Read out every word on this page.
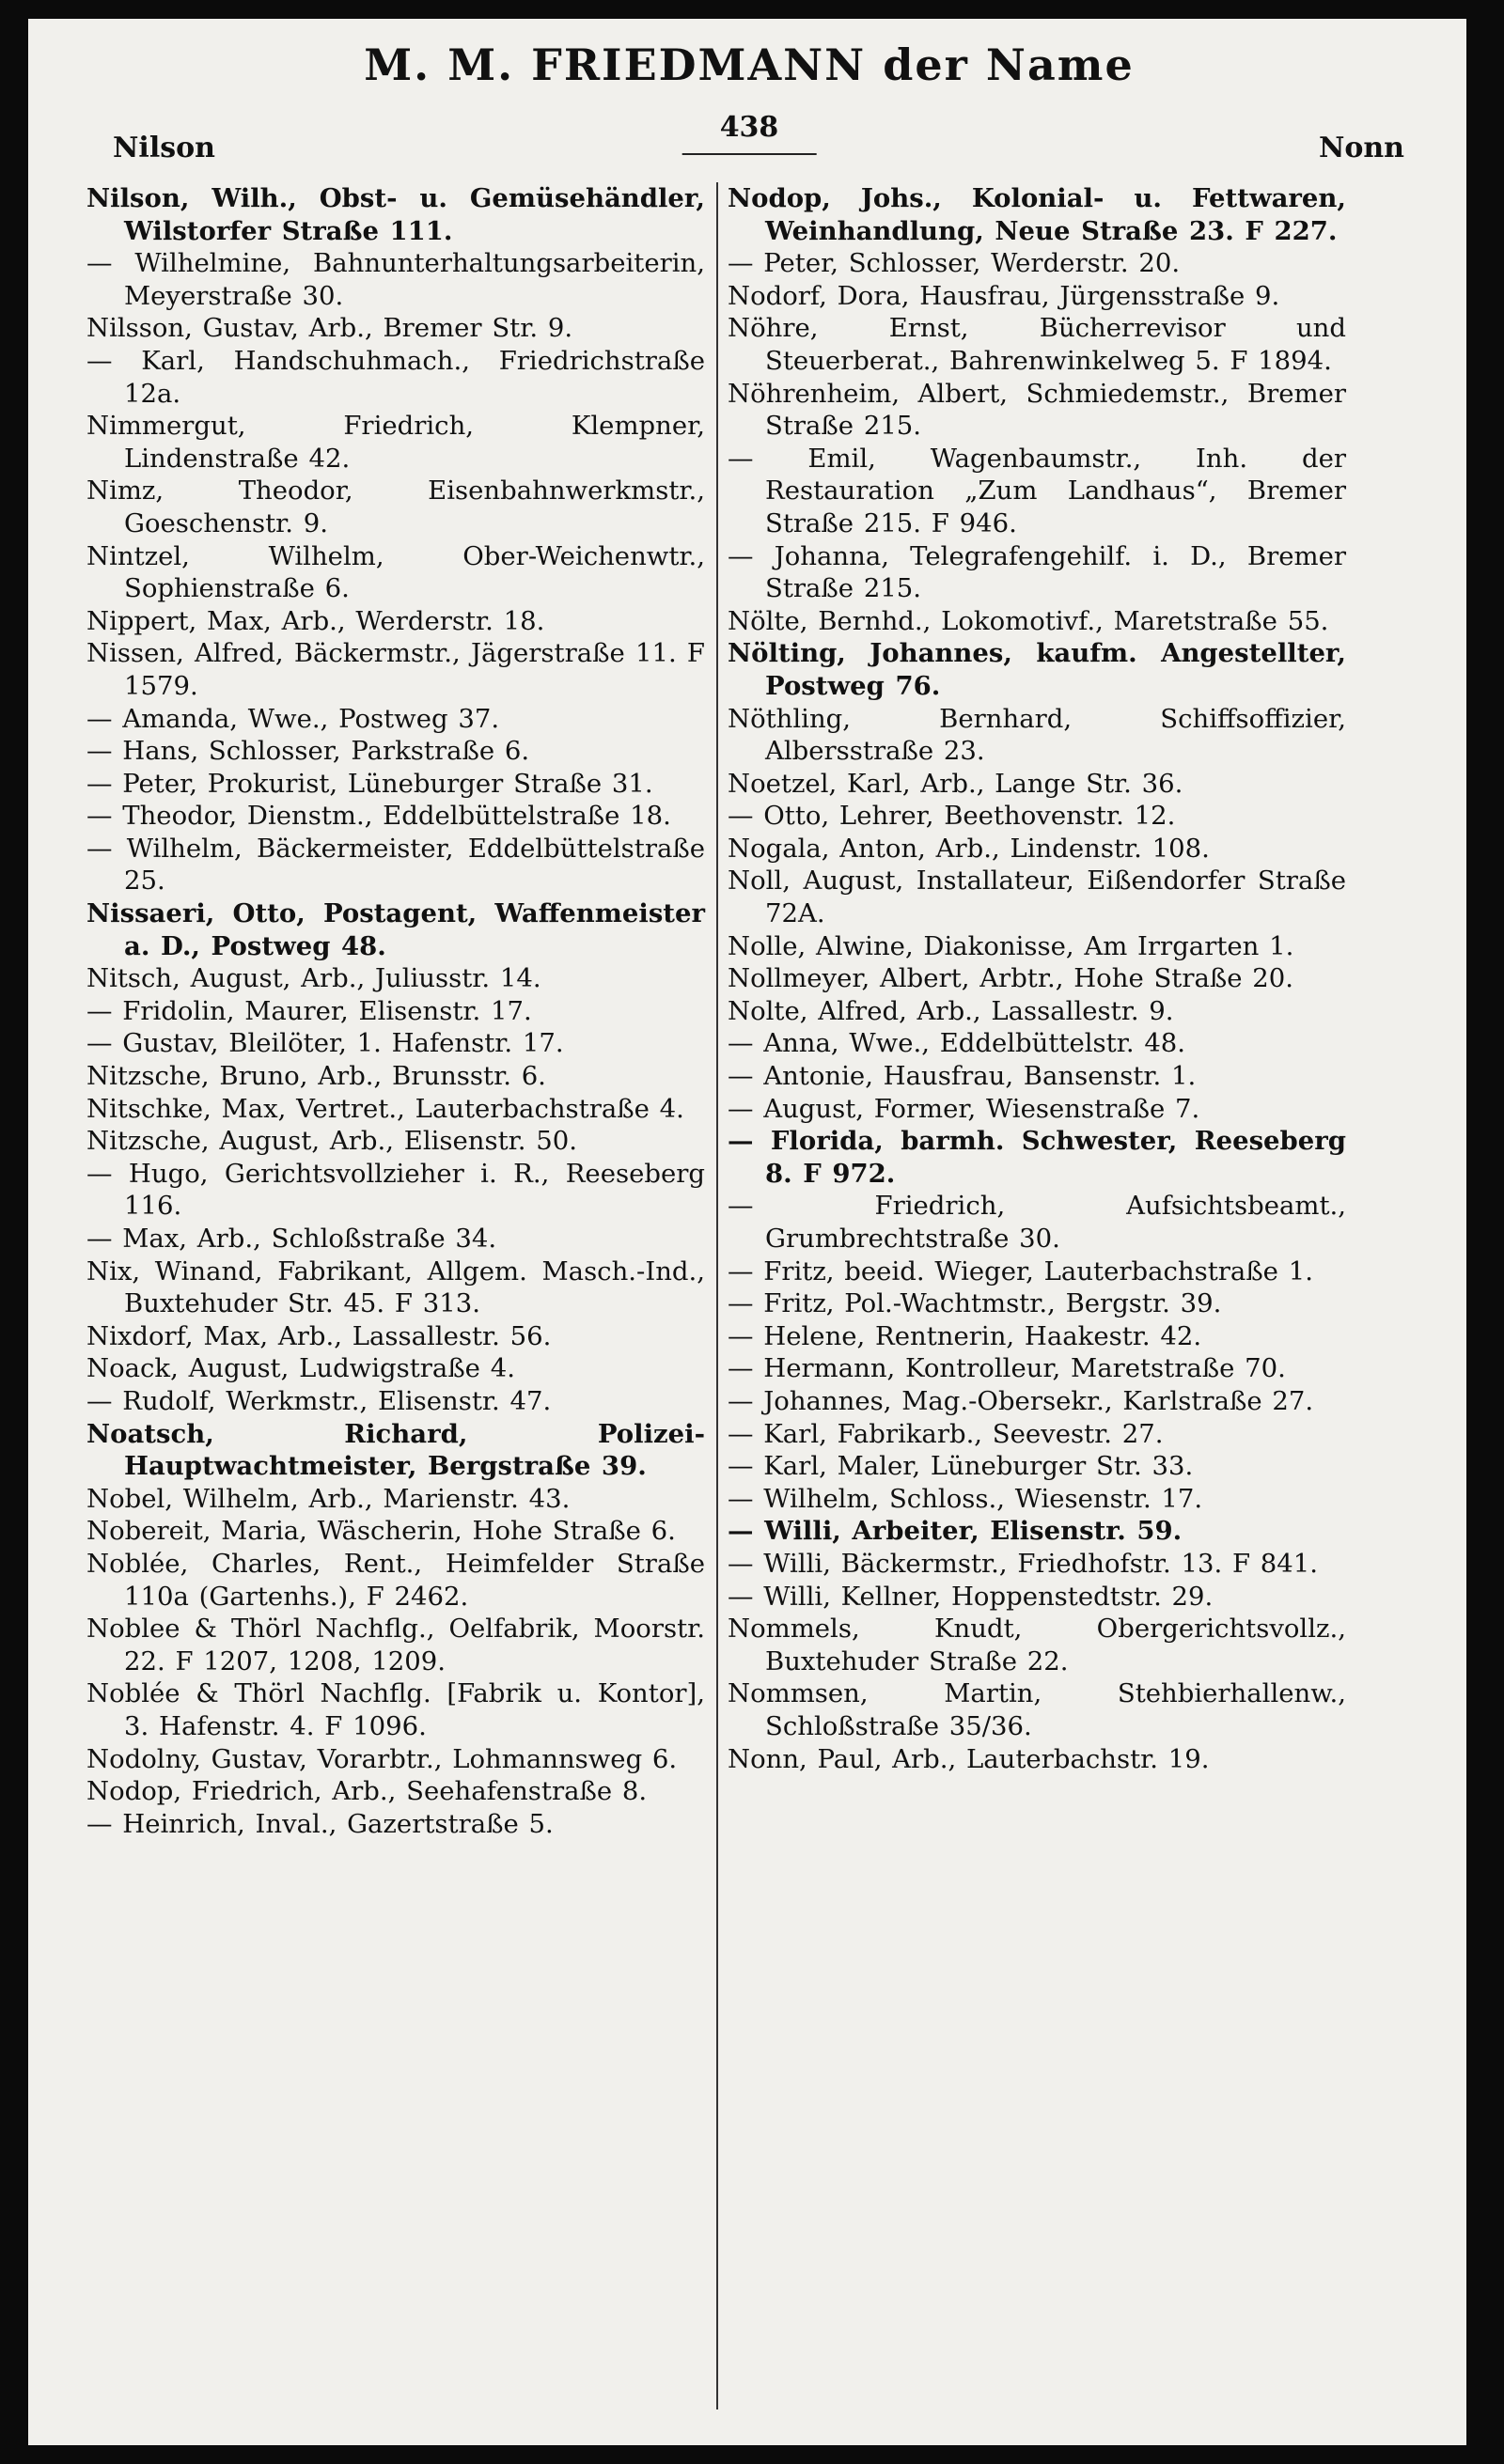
M. M. FRIEDMANN der Name
Nilson
438
Nonn
Nilson, Wilh., Obst- u. Gemüsehändler, Wilstorfer Straße 111.
— Wilhelmine, Bahnunterhaltungsarbeiterin, Meyerstraße 30.
Nilsson, Gustav, Arb., Bremer Str. 9.
— Karl, Handschuhmach., Friedrichstraße 12a.
Nimmergut, Friedrich, Klempner, Lindenstraße 42.
Nimz, Theodor, Eisenbahnwerkmstr., Goeschenstr. 9.
Nintzel, Wilhelm, Ober-Weichenwtr., Sophienstraße 6.
Nippert, Max, Arb., Werderstr. 18.
Nissen, Alfred, Bäckermstr., Jägerstraße 11. F 1579.
— Amanda, Wwe., Postweg 37.
— Hans, Schlosser, Parkstraße 6.
— Peter, Prokurist, Lüneburger Straße 31.
— Theodor, Dienstm., Eddelbüttelstraße 18.
— Wilhelm, Bäckermeister, Eddelbüttelstraße 25.
Nissaeri, Otto, Postagent, Waffenmeister a. D., Postweg 48.
Nitsch, August, Arb., Juliusstr. 14.
— Fridolin, Maurer, Elisenstr. 17.
— Gustav, Bleilöter, 1. Hafenstr. 17.
Nitzsche, Bruno, Arb., Brunsstr. 6.
Nitschke, Max, Vertret., Lauterbachstraße 4.
Nitzsche, August, Arb., Elisenstr. 50.
— Hugo, Gerichtsvollzieher i. R., Reeseberg 116.
— Max, Arb., Schloßstraße 34.
Nix, Winand, Fabrikant, Allgem. Masch.-Ind., Buxtehuder Str. 45. F 313.
Nixdorf, Max, Arb., Lassallestr. 56.
Noack, August, Ludwigstraße 4.
— Rudolf, Werkmstr., Elisenstr. 47.
Noatsch, Richard, Polizei-Hauptwachtmeister, Bergstraße 39.
Nobel, Wilhelm, Arb., Marienstr. 43.
Nobereit, Maria, Wäscherin, Hohe Straße 6.
Noblée, Charles, Rent., Heimfelder Straße 110a (Gartenhs.), F 2462.
Noblee & Thörl Nachflg., Oelfabrik, Moorstr. 22. F 1207, 1208, 1209.
Noblée & Thörl Nachflg. [Fabrik u. Kontor], 3. Hafenstr. 4. F 1096.
Nodolny, Gustav, Vorarbtr., Lohmannsweg 6.
Nodop, Friedrich, Arb., Seehafenstraße 8.
— Heinrich, Inval., Gazertstraße 5.
Nodop, Johs., Kolonial- u. Fettwaren, Weinhandlung, Neue Straße 23. F 227.
— Peter, Schlosser, Werderstr. 20.
Nodorf, Dora, Hausfrau, Jürgensstraße 9.
Nöhre, Ernst, Bücherrevisor und Steuerberat., Bahrenwinkelweg 5. F 1894.
Nöhrenheim, Albert, Schmiedemstr., Bremer Straße 215.
— Emil, Wagenbaumstr., Inh. der Restauration „Zum Landhaus“, Bremer Straße 215. F 946.
— Johanna, Telegrafengehilf. i. D., Bremer Straße 215.
Nölte, Bernhd., Lokomotivf., Maretstraße 55.
Nölting, Johannes, kaufm. Angestellter, Postweg 76.
Nöthling, Bernhard, Schiffsoffizier, Albersstraße 23.
Noetzel, Karl, Arb., Lange Str. 36.
— Otto, Lehrer, Beethovenstr. 12.
Nogala, Anton, Arb., Lindenstr. 108.
Noll, August, Installateur, Eißendorfer Straße 72A.
Nolle, Alwine, Diakonisse, Am Irrgarten 1.
Nollmeyer, Albert, Arbtr., Hohe Straße 20.
Nolte, Alfred, Arb., Lassallestr. 9.
— Anna, Wwe., Eddelbüttelstr. 48.
— Antonie, Hausfrau, Bansenstr. 1.
— August, Former, Wiesenstraße 7.
— Florida, barmh. Schwester, Reeseberg 8. F 972.
— Friedrich, Aufsichtsbeamt., Grumbrechtstraße 30.
— Fritz, beeid. Wieger, Lauterbachstraße 1.
— Fritz, Pol.-Wachtmstr., Bergstr. 39.
— Helene, Rentnerin, Haakestr. 42.
— Hermann, Kontrolleur, Maretstraße 70.
— Johannes, Mag.-Obersekr., Karlstraße 27.
— Karl, Fabrikarb., Seevestr. 27.
— Karl, Maler, Lüneburger Str. 33.
— Wilhelm, Schloss., Wiesenstr. 17.
— Willi, Arbeiter, Elisenstr. 59.
— Willi, Bäckermstr., Friedhofstr. 13. F 841.
— Willi, Kellner, Hoppenstedtstr. 29.
Nommels, Knudt, Obergerichtsvollz., Buxtehuder Straße 22.
Nommsen, Martin, Stehbierhallenw., Schloßstraße 35/36.
Nonn, Paul, Arb., Lauterbachstr. 19.
